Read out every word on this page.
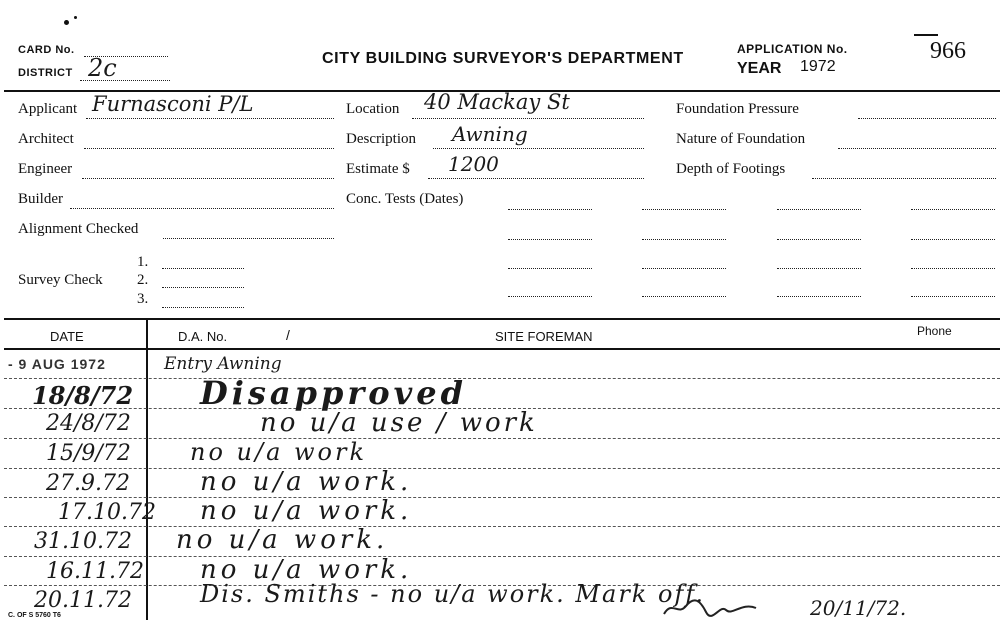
CARD No.
DISTRICT 2c	CITY BUILDING SURVEYOR'S DEPARTMENT
APPLICATION No.
YEAR 1972
966
Applicant Furnasconi P/L
Architect
Engineer
Builder
Alignment Checked
Survey Check
1.
2.
3.
Location 40 Mackay St
Description Awning
Estimate $ 1200
Conc. Tests (Dates)
Foundation Pressure
Nature of Foundation
Depth of Footings
DATE	D.A. No.	/	SITE FOREMAN	Phone
- 9 AUG 1972	Entry Awning
18/8/72 Disapproved
24/8/72	no u/a use / work
15/9/72 no u/a work
27.9.72	no u/a work.
17.10.72 no u/a work.
31.10.72 no u/a work.
16.11.72 no u/a work.
20.11.72	Dis. Smiths - no u/a work. Mark off.	20/11/72.
C. OF S 5760 T6
